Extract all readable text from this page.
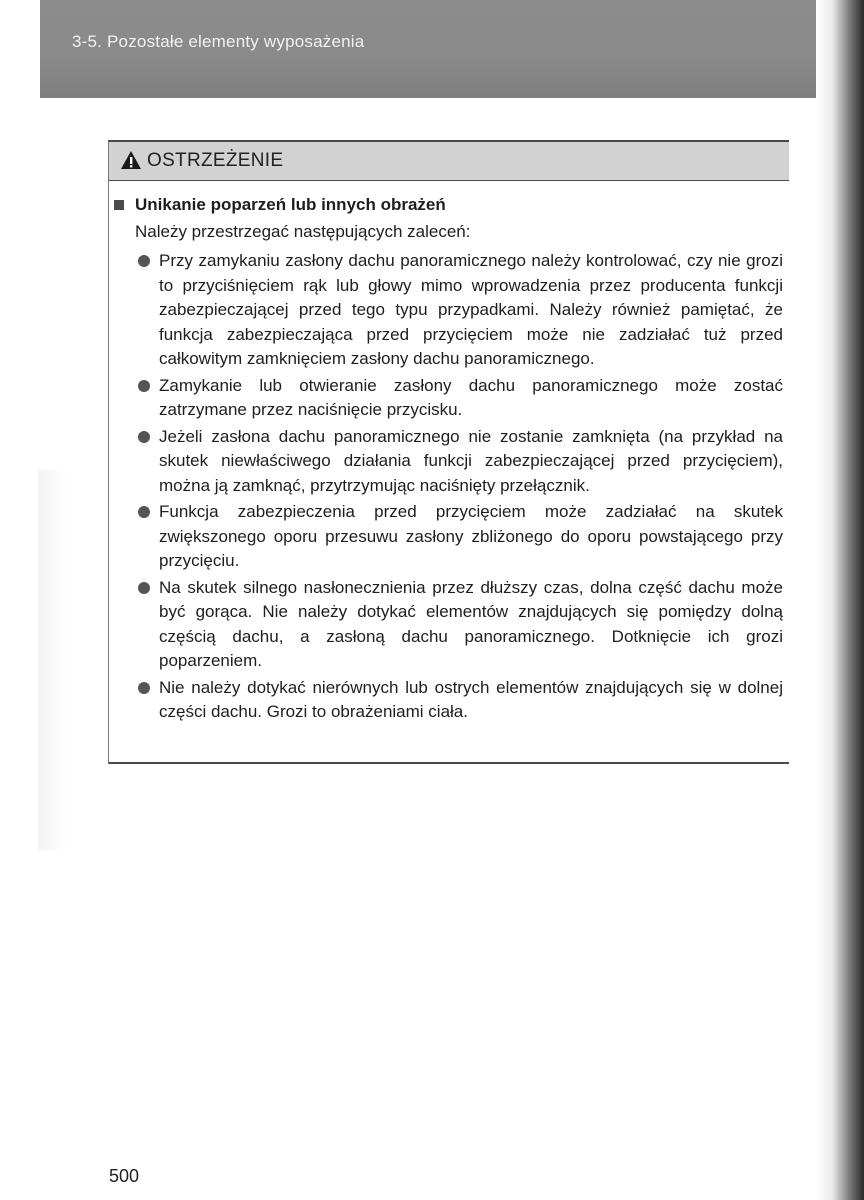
3-5. Pozostałe elementy wyposażenia
OSTRZEŻENIE
Unikanie poparzeń lub innych obrażeń
Należy przestrzegać następujących zaleceń:
Przy zamykaniu zasłony dachu panoramicznego należy kontrolować, czy nie grozi to przyciśnięciem rąk lub głowy mimo wprowadzenia przez producenta funkcji zabezpieczającej przed tego typu przypadkami. Należy również pamiętać, że funkcja zabezpieczająca przed przycięciem może nie zadziałać tuż przed całkowitym zamknięciem zasłony dachu panoramicznego.
Zamykanie lub otwieranie zasłony dachu panoramicznego może zostać zatrzymane przez naciśnięcie przycisku.
Jeżeli zasłona dachu panoramicznego nie zostanie zamknięta (na przykład na skutek niewłaściwego działania funkcji zabezpieczającej przed przycięciem), można ją zamknąć, przytrzymując naciśnięty przełącznik.
Funkcja zabezpieczenia przed przycięciem może zadziałać na skutek zwiększonego oporu przesuwu zasłony zbliżonego do oporu powstającego przy przycięciu.
Na skutek silnego nasłonecznienia przez dłuższy czas, dolna część dachu może być gorąca. Nie należy dotykać elementów znajdujących się pomiędzy dolną częścią dachu, a zasłoną dachu panoramicznego. Dotknięcie ich grozi poparzeniem.
Nie należy dotykać nierównych lub ostrych elementów znajdujących się w dolnej części dachu. Grozi to obrażeniami ciała.
500
